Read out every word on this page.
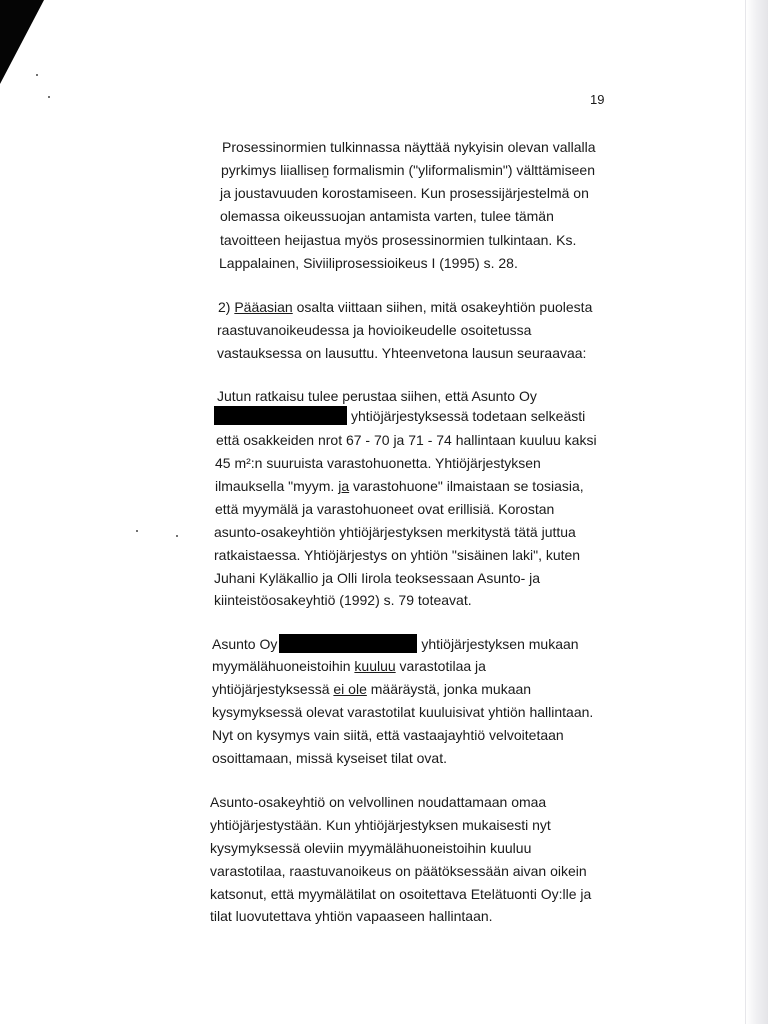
19
Prosessinormien tulkinnassa näyttää nykyisin olevan vallalla
pyrkimys liialliseṉ formalismin ("yliformalismin") välttämiseen
ja joustavuuden korostamiseen. Kun prosessijärjestelmä on
olemassa oikeussuojan antamista varten, tulee tämän
tavoitteen heijastua myös prosessinormien tulkintaan. Ks.
Lappalainen, Siviiliprosessioikeus I (1995) s. 28.
2) Pääasian osalta viittaan siihen, mitä osakeyhtiön puolesta
raastuvanoikeudessa ja hovioikeudelle osoitetussa
vastauksessa on lausuttu. Yhteenvetona lausun seuraavaa:
Jutun ratkaisu tulee perustaa siihen, että Asunto Oy
yhtiöjärjestyksessä todetaan selkeästi
että osakkeiden nrot 67 - 70 ja 71 - 74 hallintaan kuuluu kaksi
45 m²:n suuruista varastohuonetta. Yhtiöjärjestyksen
ilmauksella "myym. ja varastohuone" ilmaistaan se tosiasia,
että myymälä ja varastohuoneet ovat erillisiä. Korostan
asunto-osakeyhtiön yhtiöjärjestyksen merkitystä tätä juttua
ratkaistaessa. Yhtiöjärjestys on yhtiön "sisäinen laki", kuten
Juhani Kyläkallio ja Olli Iirola teoksessaan Asunto- ja
kiinteistöosakeyhtiö (1992) s. 79 toteavat.
Asunto Oy	yhtiöjärjestyksen mukaan
myymälähuoneistoihin kuuluu varastotilaa ja
yhtiöjärjestyksessä ei ole määräystä, jonka mukaan
kysymyksessä olevat varastotilat kuuluisivat yhtiön hallintaan.
Nyt on kysymys vain siitä, että vastaajayhtiö velvoitetaan
osoittamaan, missä kyseiset tilat ovat.
Asunto-osakeyhtiö on velvollinen noudattamaan omaa
yhtiöjärjestystään. Kun yhtiöjärjestyksen mukaisesti nyt
kysymyksessä oleviin myymälähuoneistoihin kuuluu
varastotilaa, raastuvanoikeus on päätöksessään aivan oikein
katsonut, että myymälätilat on osoitettava Etelätuonti Oy:lle ja
tilat luovutettava yhtiön vapaaseen hallintaan.
